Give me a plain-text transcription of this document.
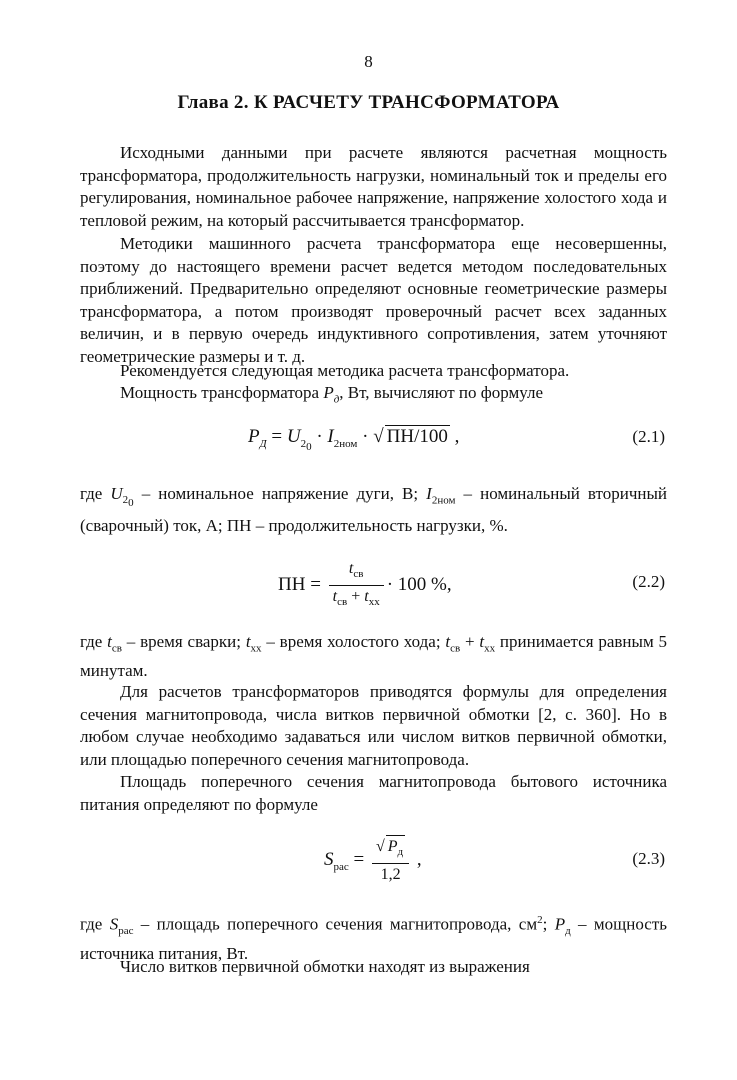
8
Глава 2. К РАСЧЕТУ ТРАНСФОРМАТОРА

Исходными данными при расчете являются расчетная мощность трансформатора, продолжительность нагрузки, номинальный ток и пределы его регулирования, номинальное рабочее напряжение, напряжение холостого хода и тепловой режим, на который рассчитывается трансформатор.

Методики машинного расчета трансформатора еще несовершенны, поэтому до настоящего времени расчет ведется методом последовательных приближений. Предварительно определяют основные геометрические размеры трансформатора, а потом производят проверочный расчет всех заданных величин, и в первую очередь индуктивного сопротивления, затем уточняют геометрические размеры и т. д.

Рекомендуется следующая методика расчета трансформатора.

Мощность трансформатора $P_д$, Вт, вычисляют по формуле

$P_Д = U_{2_0} \cdot I_{2ном}$ · √ ПН/100 ,	(2.1)

где $U_{2_0}$ – номинальное напряжение дуги, В; $I_{2ном}$ – номинальный вторичный (сварочный) ток, А; ПН – продолжительность нагрузки, %.

ПН = $\frac{t_{св}}{t_{св} + t_{хх}} \cdot 100$ %,	(2.2)

где $t_{св}$ – время сварки; $t_{хх}$ – время холостого хода; $t_{св} + t_{хх}$ принимается равным 5 минутам.

Для расчетов трансформаторов приводятся формулы для определения сечения магнитопровода, числа витков первичной обмотки [2, с. 360]. Но в любом случае необходимо задаваться или числом витков первичной обмотки, или площадью поперечного сечения магнитопровода.

Площадь поперечного сечения магнитопровода бытового источника питания определяют по формуле

$S_{рас} = \frac{√ P_д}{1,2}$ ,	(2.3)

где $S_{рас}$ – площадь поперечного сечения магнитопровода, $см^2$; $P_д$ – мощность источника питания, Вт.

Число витков первичной обмотки находят из выражения
